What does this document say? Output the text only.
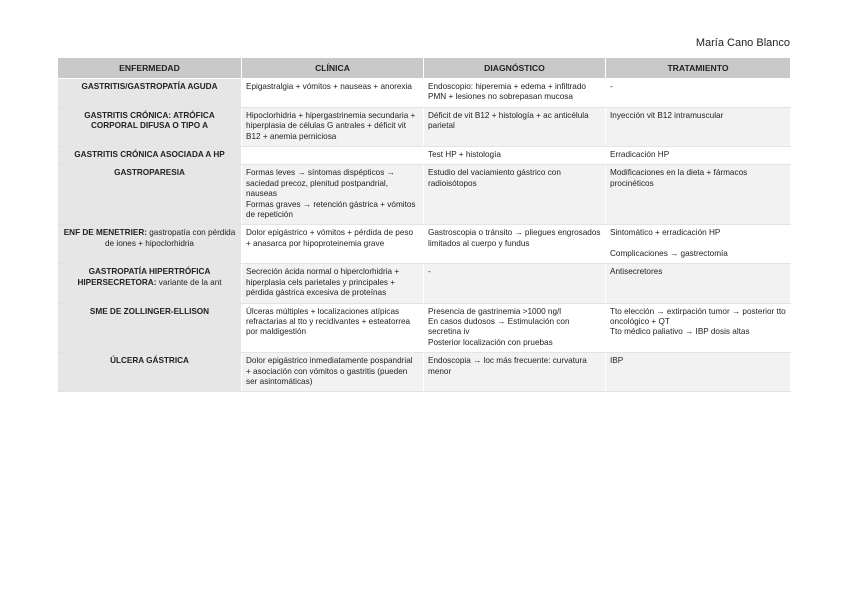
María Cano Blanco
ENFERMEDAD	CLÍNICA	DIAGNÓSTICO	TRATAMIENTO
GASTRITIS/GASTROPATÍA AGUDA	Epigastralgia + vómitos + nauseas + anorexia	Endoscopio: hiperemia + edema + infiltrado PMN + lesiones no sobrepasan mucosa	-

GASTRITIS CRÓNICA: ATRÓFICA CORPORAL DIFUSA O TIPO A	Hipoclorhidria + hipergastrinemia secundaria + hiperplasia de células G antrales + déficit vit B12 + anemia perniciosa	Déficit de vit B12 + histología + ac anticélula parietal	Inyección vit B12 intramuscular

GASTRITIS CRÓNICA ASOCIADA A HP		Test HP + histología	Erradicación HP

GASTROPARESIA	Formas leves → síntomas dispépticos → saciedad precoz, plenitud postpandrial, nauseas
Formas graves → retención gástrica + vómitos de repetición	Estudio del vaciamiento gástrico con radioisótopos	Modificaciones en la dieta + fármacos procinéticos

ENF DE MENETRIER: gastropatía con pérdida de iones + hipoclorhidria	Dolor epigástrico + vómitos + pérdida de peso + anasarca por hipoproteinemia grave	Gastroscopia o tránsito → pliegues engrosados limitados al cuerpo y fundus	Sintomático + erradicación HP
Complicaciones → gastrectomía

GASTROPATÍA HIPERTRÓFICA HIPERSECRETORA: variante de la ant	Secreción ácida normal o hiperclorhidria + hiperplasia cels parietales y principales + pérdida gástrica excesiva de proteínas	-	Antisecretores

SME DE ZOLLINGER-ELLISON	Úlceras múltiples + localizaciones atípicas refractarias al tto y recidivantes + esteatorrea por maldigestión	Presencia de gastrinemia >1000 ng/l
En casos dudosos → Estimulación con secretina iv
Posterior localización con pruebas	Tto elección → extirpación tumor → posterior tto oncológico + QT
Tto médico paliativo → IBP dosis altas

ÚLCERA GÁSTRICA	Dolor epigástrico inmediatamente pospandrial + asociación con vómitos o gastritis (pueden ser asintomáticas)	Endoscopia → loc más frecuente: curvatura menor	IBP
